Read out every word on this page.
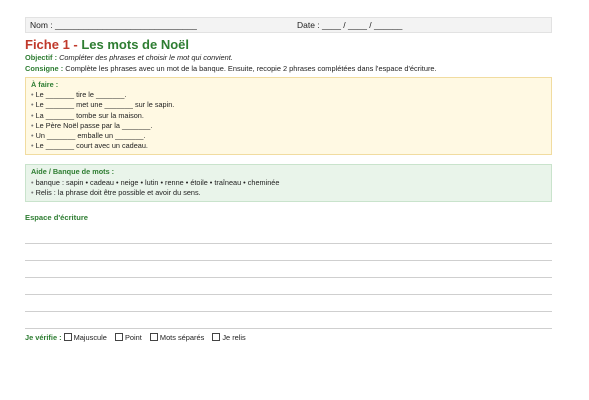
Nom : ______________________________	Date : ____ / ____ / ______
Fiche 1 - Les mots de Noël
Objectif : Compléter des phrases et choisir le mot qui convient.
Consigne : Complète les phrases avec un mot de la banque. Ensuite, recopie 2 phrases complétées dans l'espace d'écriture.
À faire :
• Le _______ tire le _______.
• Le _______ met une _______ sur le sapin.
• La _______ tombe sur la maison.
• Le Père Noël passe par la _______.
• Un _______ emballe un _______.
• Le _______ court avec un cadeau.
Aide / Banque de mots :
• banque : sapin • cadeau • neige • lutin • renne • étoile • traîneau • cheminée
• Relis : la phrase doit être possible et avoir du sens.
Espace d'écriture
Je vérifie : Majuscule Point Mots séparés Je relis
